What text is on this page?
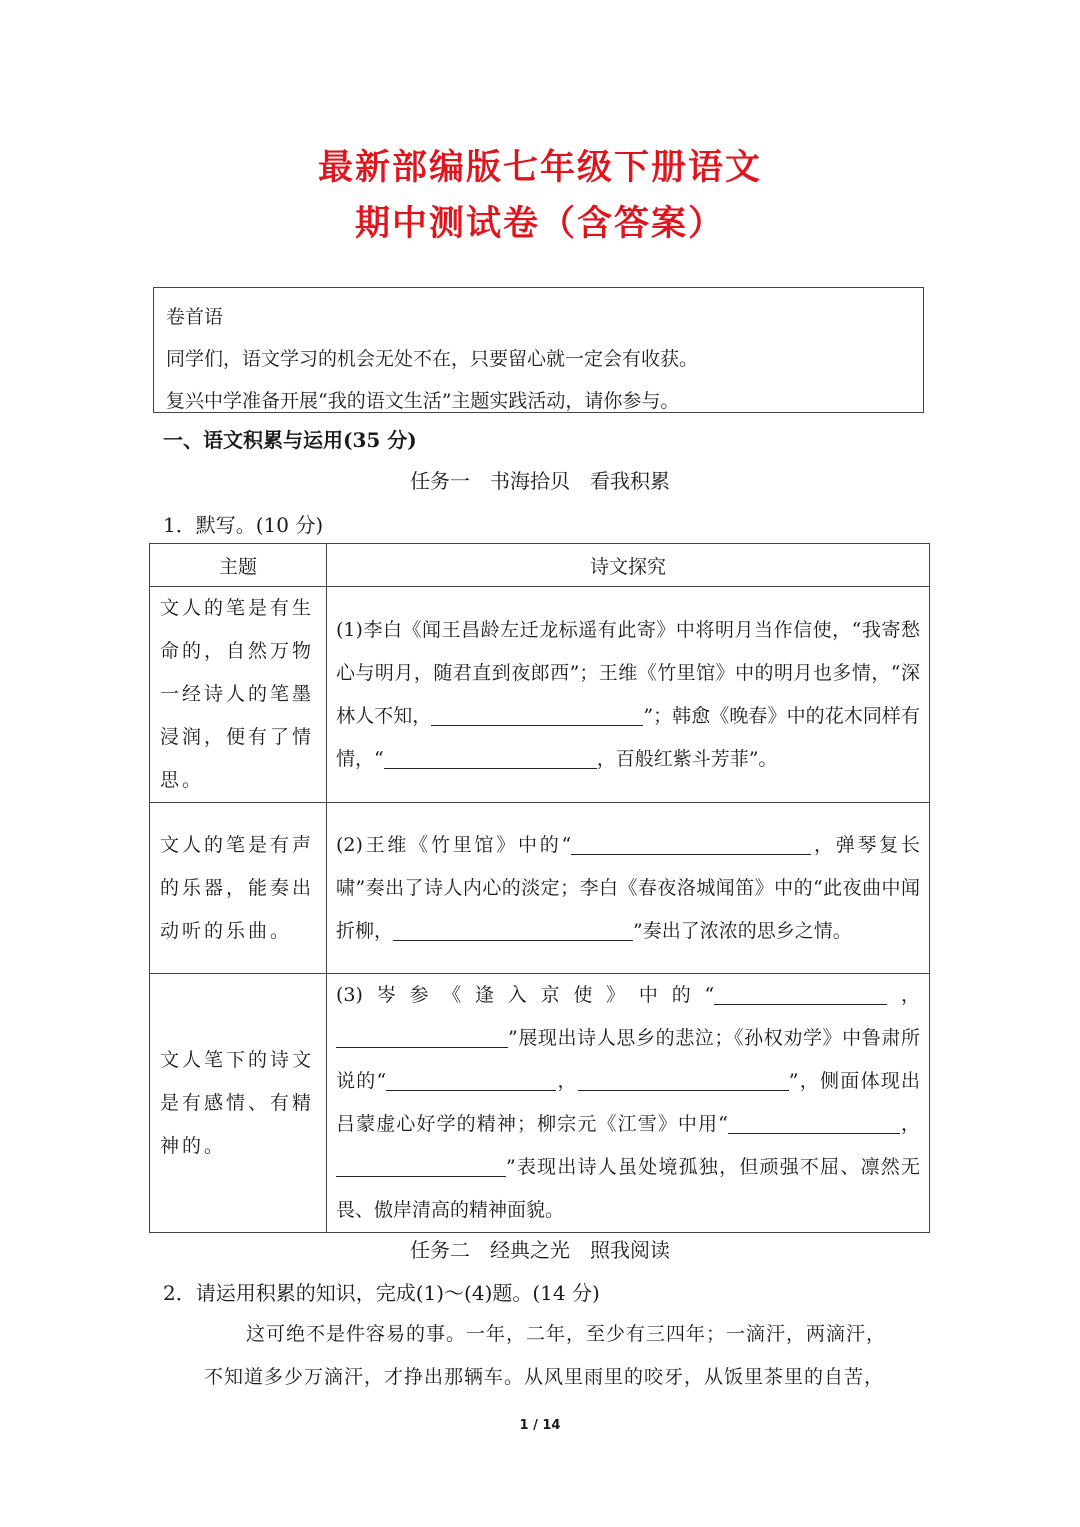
最新部编版七年级下册语文
期中测试卷（含答案）
卷首语
同学们，语文学习的机会无处不在，只要留心就一定会有收获。
复兴中学准备开展“我的语文生活”主题实践活动，请你参与。
一、语文积累与运用(35 分)
任务一　书海拾贝　看我积累
1．默写。(10 分)
主题	诗文探究
文人的笔是有生命的，自然万物一经诗人的笔墨浸润，便有了情思。	(1)李白《闻王昌龄左迁龙标遥有此寄》中将明月当作信使，“我寄愁心与明月，随君直到夜郎西”；王维《竹里馆》中的明月也多情，“深林人不知， ”；韩愈《晚春》中的花木同样有情，“ ，百般红紫斗芳菲”。
文人的笔是有声的乐器，能奏出动听的乐曲。	(2)王维《竹里馆》中的“ ，弹琴复长啸”奏出了诗人内心的淡定；李白《春夜洛城闻笛》中的“此夜曲中闻折柳， ”奏出了浓浓的思乡之情。
文人笔下的诗文是有感情、有精神的。	(3)岑参《逢入京使》中的“ ，”展现出诗人思乡的悲泣；《孙权劝学》中鲁肃所说的“ ， ”，侧面体现出吕蒙虚心好学的精神；柳宗元《江雪》中用“ ，”表现出诗人虽处境孤独，但顽强不屈、凛然无畏、傲岸清高的精神面貌。
任务二　经典之光　照我阅读
2．请运用积累的知识，完成(1)～(4)题。(14 分)
这可绝不是件容易的事。一年，二年，至少有三四年；一滴汗，两滴汗，
不知道多少万滴汗，才挣出那辆车。从风里雨里的咬牙，从饭里茶里的自苦，
1 / 14
